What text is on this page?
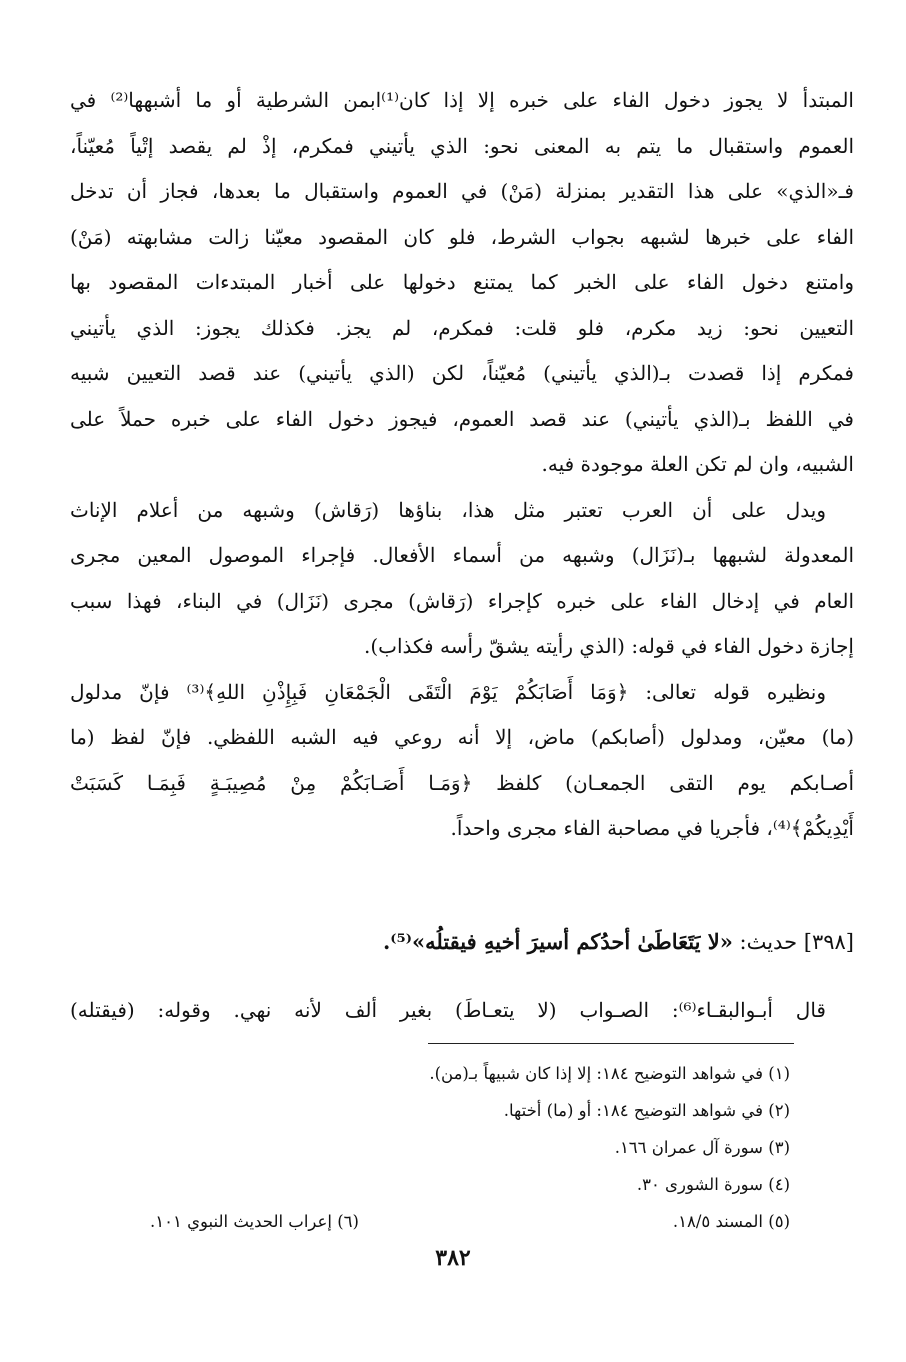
المبتدأ لا يجوز دخول الفاء على خبره إلا إذا كان⁽¹⁾ابمن الشرطية أو ما أشبهها⁽²⁾ في
العموم واستقبال ما يتم به المعنى نحو: الذي يأتيني فمكرم، إذْ لم يقصد إتْياً مُعيّناً،
فـ«الذي» على هذا التقدير بمنزلة (مَنْ) في العموم واستقبال ما بعدها، فجاز أن تدخل
الفاء على خبرها لشبهه بجواب الشرط، فلو كان المقصود معيّنا زالت مشابهته (مَنْ)
وامتنع دخول الفاء على الخبر كما يمتنع دخولها على أخبار المبتدءات المقصود بها
التعيين نحو: زيد مكرم، فلو قلت: فمكرم، لم يجز. فكذلك يجوز: الذي يأتيني
فمكرم إذا قصدت بـ(الذي يأتيني) مُعيّناً، لكن (الذي يأتيني) عند قصد التعيين شبيه
في اللفظ بـ(الذي يأتيني) عند قصد العموم، فيجوز دخول الفاء على خبره حملاً على
الشبيه، وان لم تكن العلة موجودة فيه.
ويدل على أن العرب تعتبر مثل هذا، بناؤها (رَقاش) وشبهه من أعلام الإناث
المعدولة لشبهها بـ(نَزَال) وشبهه من أسماء الأفعال. فإجراء الموصول المعين مجرى
العام في إدخال الفاء على خبره كإجراء (رَقاش) مجرى (نَزَال) في البناء، فهذا سبب
إجازة دخول الفاء في قوله: (الذي رأيته يشقّ رأسه فكذاب).
ونظيره قوله تعالى: ﴿وَمَا أَصَابَكُمْ يَوْمَ الْتَقَى الْجَمْعَانِ فَبِإِذْنِ اللهِ﴾⁽³⁾ فإنّ مدلول
(ما) معيّن، ومدلول (أصابكم) ماض، إلا أنه روعي فيه الشبه اللفظي. فإنّ لفظ (ما
أصـابكم يوم التقى الجمعـان) كلفظ ﴿وَمَـا أَصَـابَكُمْ مِنْ مُصِيبَـةٍ فَبِمَـا كَسَبَتْ
أَيْدِيكُمْ﴾⁽⁴⁾، فأجريا في مصاحبة الفاء مجرى واحداً.
[٣٩٨] حديث: «لا يَتَعَاطَىٰ أحدُكم أسيرَ أخيهِ فيقتلُه»⁽⁵⁾.
قال أبـوالبقـاء⁽⁶⁾: الصـواب (لا يتعـاطَ) بغير ألف لأنه نهي. وقوله: (فيقتله)
(١) في شواهد التوضيح ١٨٤: إلا إذا كان شبيهاً بـ(من).
(٢) في شواهد التوضيح ١٨٤: أو (ما) أختها.
(٣) سورة آل عمران ١٦٦.
(٤) سورة الشورى ٣٠.
(٥) المسند ١٨/٥.
(٦) إعراب الحديث النبوي ١٠١.
٣٨٢
